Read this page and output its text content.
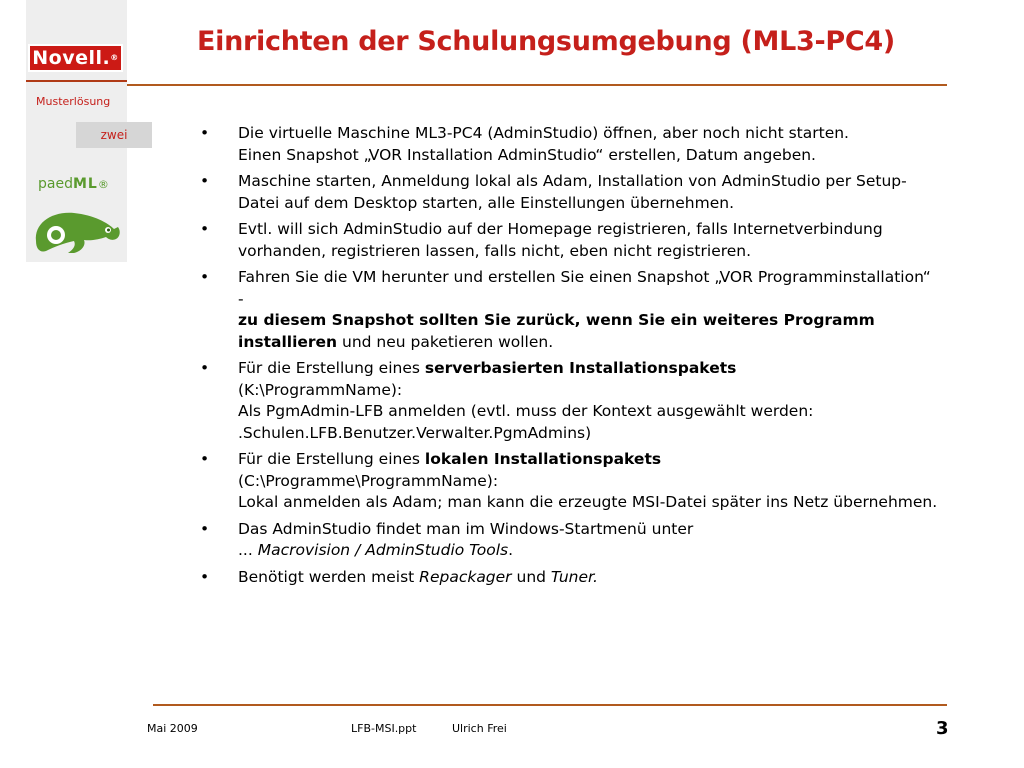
Novell.®
Musterlösung
zwei
paedML®
Einrichten der Schulungsumgebung (ML3-PC4)
•	Die virtuelle Maschine ML3-PC4 (AdminStudio) öffnen, aber noch nicht starten.
Einen Snapshot „VOR Installation AdminStudio“ erstellen, Datum angeben.
•	Maschine starten, Anmeldung lokal als Adam, Installation von AdminStudio per Setup-Datei auf dem Desktop starten, alle Einstellungen übernehmen.
•	Evtl. will sich AdminStudio auf der Homepage registrieren, falls Internetverbindung vorhanden, registrieren lassen, falls nicht, eben nicht registrieren.
•	Fahren Sie die VM herunter und erstellen Sie einen Snapshot „VOR Programminstallation“ -
zu diesem Snapshot sollten Sie zurück, wenn Sie ein weiteres Programm installieren und neu paketieren wollen.
•	Für die Erstellung eines serverbasierten Installationspakets
(K:\ProgrammName):
Als PgmAdmin-LFB anmelden (evtl. muss der Kontext ausgewählt werden: .Schulen.LFB.Benutzer.Verwalter.PgmAdmins)
•	Für die Erstellung eines lokalen Installationspakets
(C:\Programme\ProgrammName):
Lokal anmelden als Adam; man kann die erzeugte MSI-Datei später ins Netz übernehmen.
•	Das AdminStudio findet man im Windows-Startmenü unter
... Macrovision / AdminStudio Tools.
•	Benötigt werden meist Repackager und Tuner.
Mai 2009	LFB-MSI.ppt	Ulrich Frei	3
